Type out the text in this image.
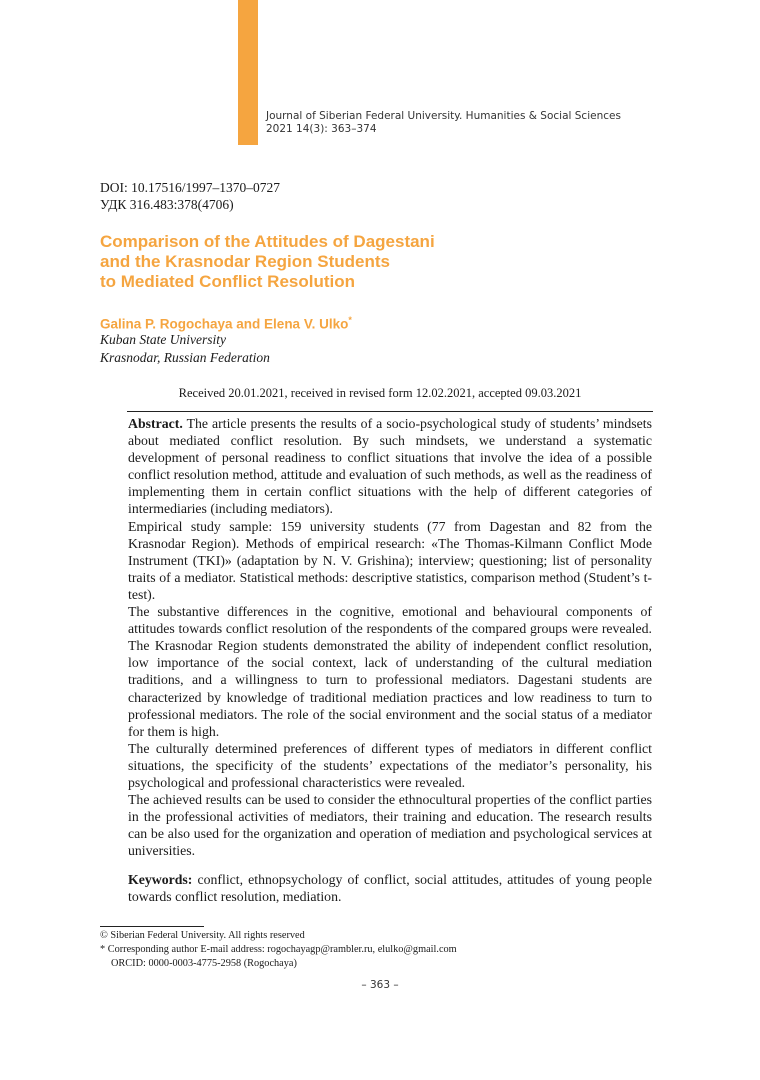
Journal of Siberian Federal University. Humanities & Social Sciences
2021 14(3): 363–374
DOI: 10.17516/1997–1370–0727
УДК 316.483:378(4706)
Comparison of the Attitudes of Dagestani
and the Krasnodar Region Students
to Mediated Conflict Resolution
Galina P. Rogochaya and Elena V. Ulko*
Kuban State University
Krasnodar, Russian Federation
Received 20.01.2021, received in revised form 12.02.2021, accepted 09.03.2021

Abstract. The article presents the results of a socio-psychological study of students’ mindsets about mediated conflict resolution. By such mindsets, we understand a systematic development of personal readiness to conflict situations that involve the idea of a possible conflict resolution method, attitude and evaluation of such methods, as well as the readiness of implementing them in certain conflict situations with the help of different categories of intermediaries (including mediators).

Empirical study sample: 159 university students (77 from Dagestan and 82 from the Krasnodar Region). Methods of empirical research: «The Thomas-Kilmann Conflict Mode Instrument (TKI)» (adaptation by N. V. Grishina); interview; questioning; list of personality traits of a mediator. Statistical methods: descriptive statistics, comparison method (Student’s t-test).

The substantive differences in the cognitive, emotional and behavioural components of attitudes towards conflict resolution of the respondents of the compared groups were revealed. The Krasnodar Region students demonstrated the ability of independent conflict resolution, low importance of the social context, lack of understanding of the cultural mediation traditions, and a willingness to turn to professional mediators. Dagestani students are characterized by knowledge of traditional mediation practices and low readiness to turn to professional mediators. The role of the social environment and the social status of a mediator for them is high.

The culturally determined preferences of different types of mediators in different conflict situations, the specificity of the students’ expectations of the mediator’s personality, his psychological and professional characteristics were revealed.

The achieved results can be used to consider the ethnocultural properties of the conflict parties in the professional activities of mediators, their training and education. The research results can be also used for the organization and operation of mediation and psychological services at universities.

Keywords: conflict, ethnopsychology of conflict, social attitudes, attitudes of young people towards conflict resolution, mediation.

© Siberian Federal University. All rights reserved
* Corresponding author E-mail address: rogochayagp@rambler.ru, elulko@gmail.com
ORCID: 0000-0003-4775-2958 (Rogochaya)
– 363 –
